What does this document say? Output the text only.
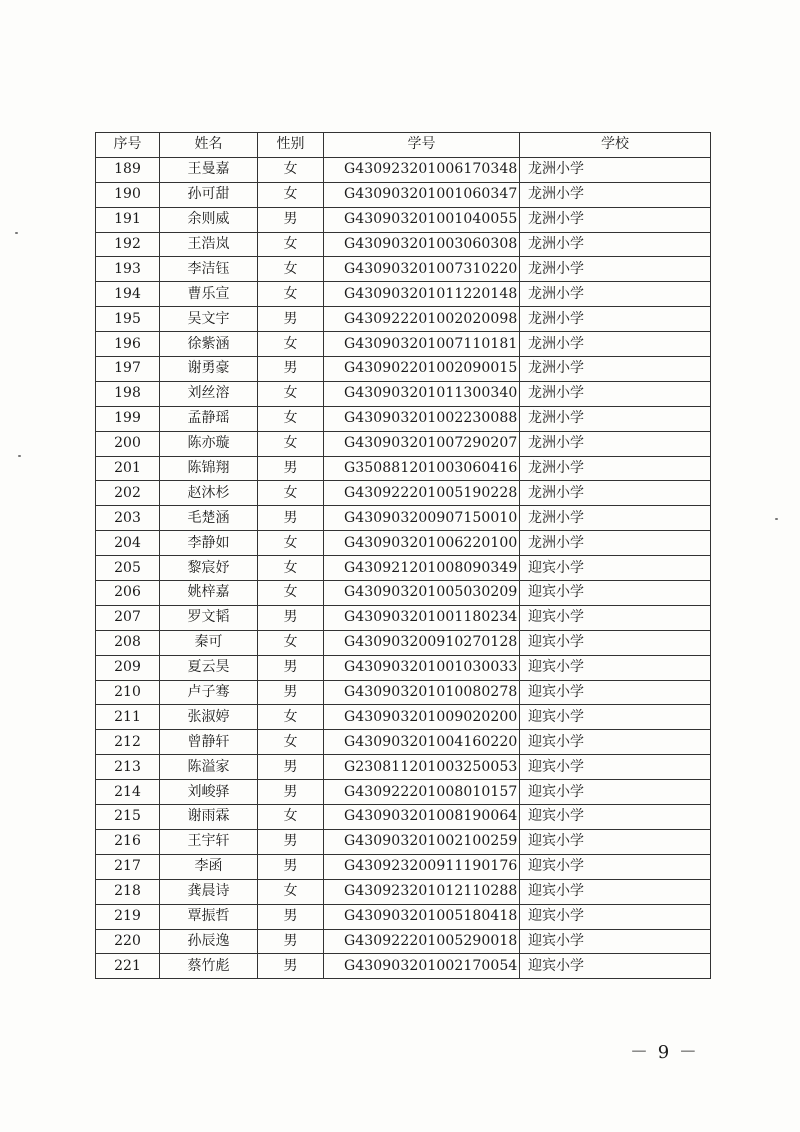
序号	姓名	性别	学号	学校
189	王曼嘉	女	G430923201006170348	龙洲小学
190	孙可甜	女	G430903201001060347	龙洲小学
191	余则威	男	G430903201001040055	龙洲小学
192	王浩岚	女	G430903201003060308	龙洲小学
193	李洁钰	女	G430903201007310220	龙洲小学
194	曹乐宣	女	G430903201011220148	龙洲小学
195	吴文宇	男	G430922201002020098	龙洲小学
196	徐紫涵	女	G430903201007110181	龙洲小学
197	谢勇豪	男	G430902201002090015	龙洲小学
198	刘丝溶	女	G430903201011300340	龙洲小学
199	孟静瑶	女	G430903201002230088	龙洲小学
200	陈亦璇	女	G430903201007290207	龙洲小学
201	陈锦翔	男	G350881201003060416	龙洲小学
202	赵沐杉	女	G430922201005190228	龙洲小学
203	毛楚涵	男	G430903200907150010	龙洲小学
204	李静如	女	G430903201006220100	龙洲小学
205	黎宸妤	女	G430921201008090349	迎宾小学
206	姚梓嘉	女	G430903201005030209	迎宾小学
207	罗文韬	男	G430903201001180234	迎宾小学
208	秦可	女	G430903200910270128	迎宾小学
209	夏云昊	男	G430903201001030033	迎宾小学
210	卢子骞	男	G430903201010080278	迎宾小学
211	张淑婷	女	G430903201009020200	迎宾小学
212	曾静轩	女	G430903201004160220	迎宾小学
213	陈溢家	男	G230811201003250053	迎宾小学
214	刘峻驿	男	G430922201008010157	迎宾小学
215	谢雨霖	女	G430903201008190064	迎宾小学
216	王宇轩	男	G430903201002100259	迎宾小学
217	李函	男	G430923200911190176	迎宾小学
218	龚晨诗	女	G430923201012110288	迎宾小学
219	覃振哲	男	G430903201005180418	迎宾小学
220	孙辰逸	男	G430922201005290018	迎宾小学
221	蔡竹彪	男	G430903201002170054	迎宾小学
－ 9 －
